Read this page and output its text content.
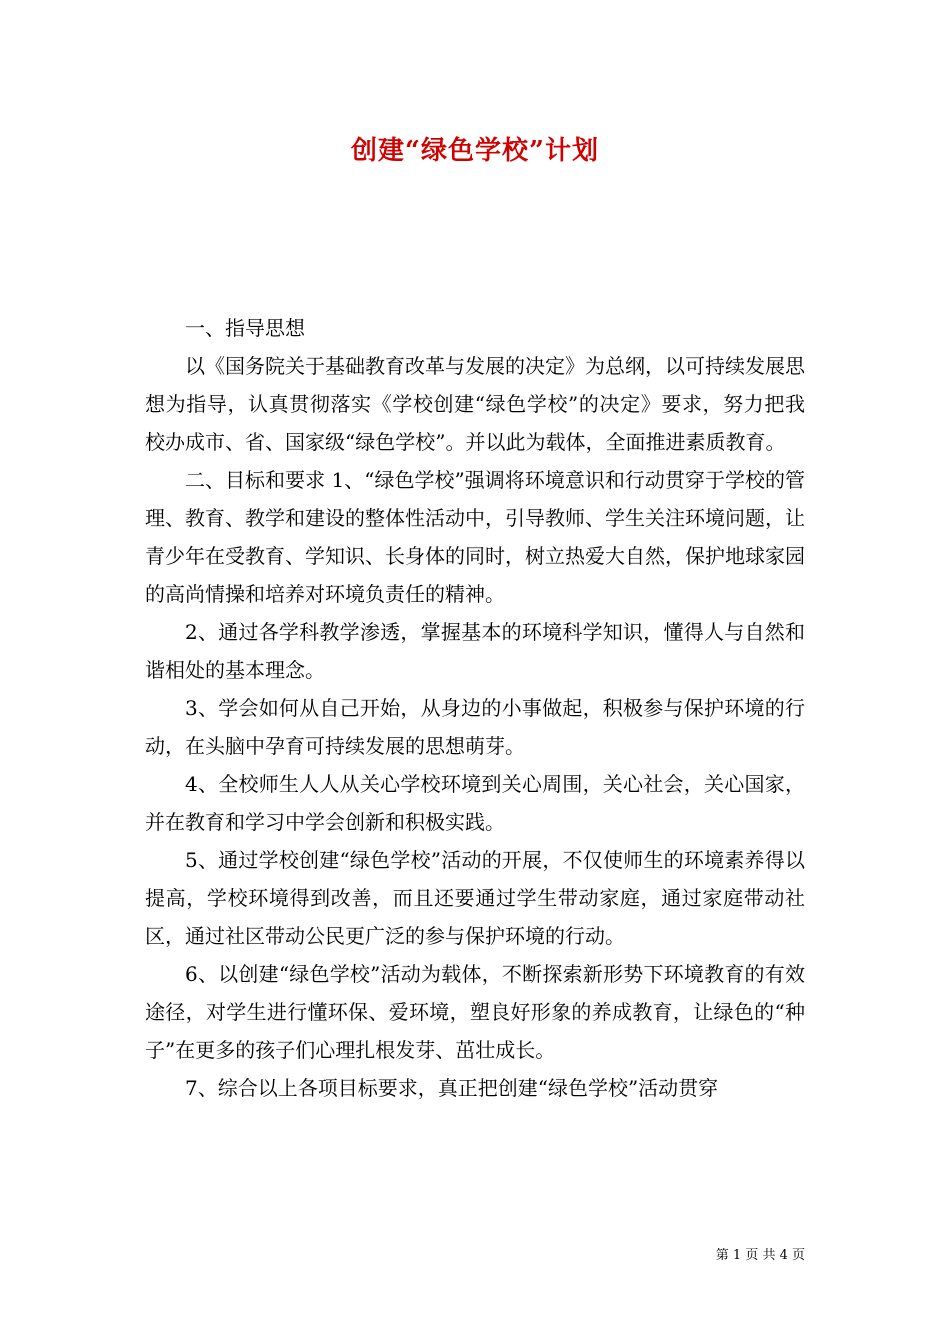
创建“绿色学校”计划

一、指导思想

以《国务院关于基础教育改革与发展的决定》为总纲，以可持续发展思想为指导，认真贯彻落实《学校创建“绿色学校”的决定》要求，努力把我校办成市、省、国家级“绿色学校”。并以此为载体，全面推进素质教育。

二、目标和要求 1、“绿色学校”强调将环境意识和行动贯穿于学校的管理、教育、教学和建设的整体性活动中，引导教师、学生关注环境问题，让青少年在受教育、学知识、长身体的同时，树立热爱大自然，保护地球家园的高尚情操和培养对环境负责任的精神。

2、通过各学科教学渗透，掌握基本的环境科学知识，懂得人与自然和谐相处的基本理念。

3、学会如何从自己开始，从身边的小事做起，积极参与保护环境的行动，在头脑中孕育可持续发展的思想萌芽。

4、全校师生人人从关心学校环境到关心周围，关心社会，关心国家，并在教育和学习中学会创新和积极实践。

5、通过学校创建“绿色学校”活动的开展，不仅使师生的环境素养得以提高，学校环境得到改善，而且还要通过学生带动家庭，通过家庭带动社区，通过社区带动公民更广泛的参与保护环境的行动。

6、以创建“绿色学校”活动为载体，不断探索新形势下环境教育的有效途径，对学生进行懂环保、爱环境，塑良好形象的养成教育，让绿色的“种子”在更多的孩子们心理扎根发芽、茁壮成长。

7、综合以上各项目标要求，真正把创建“绿色学校”活动贯穿

第 1 页 共 4 页
